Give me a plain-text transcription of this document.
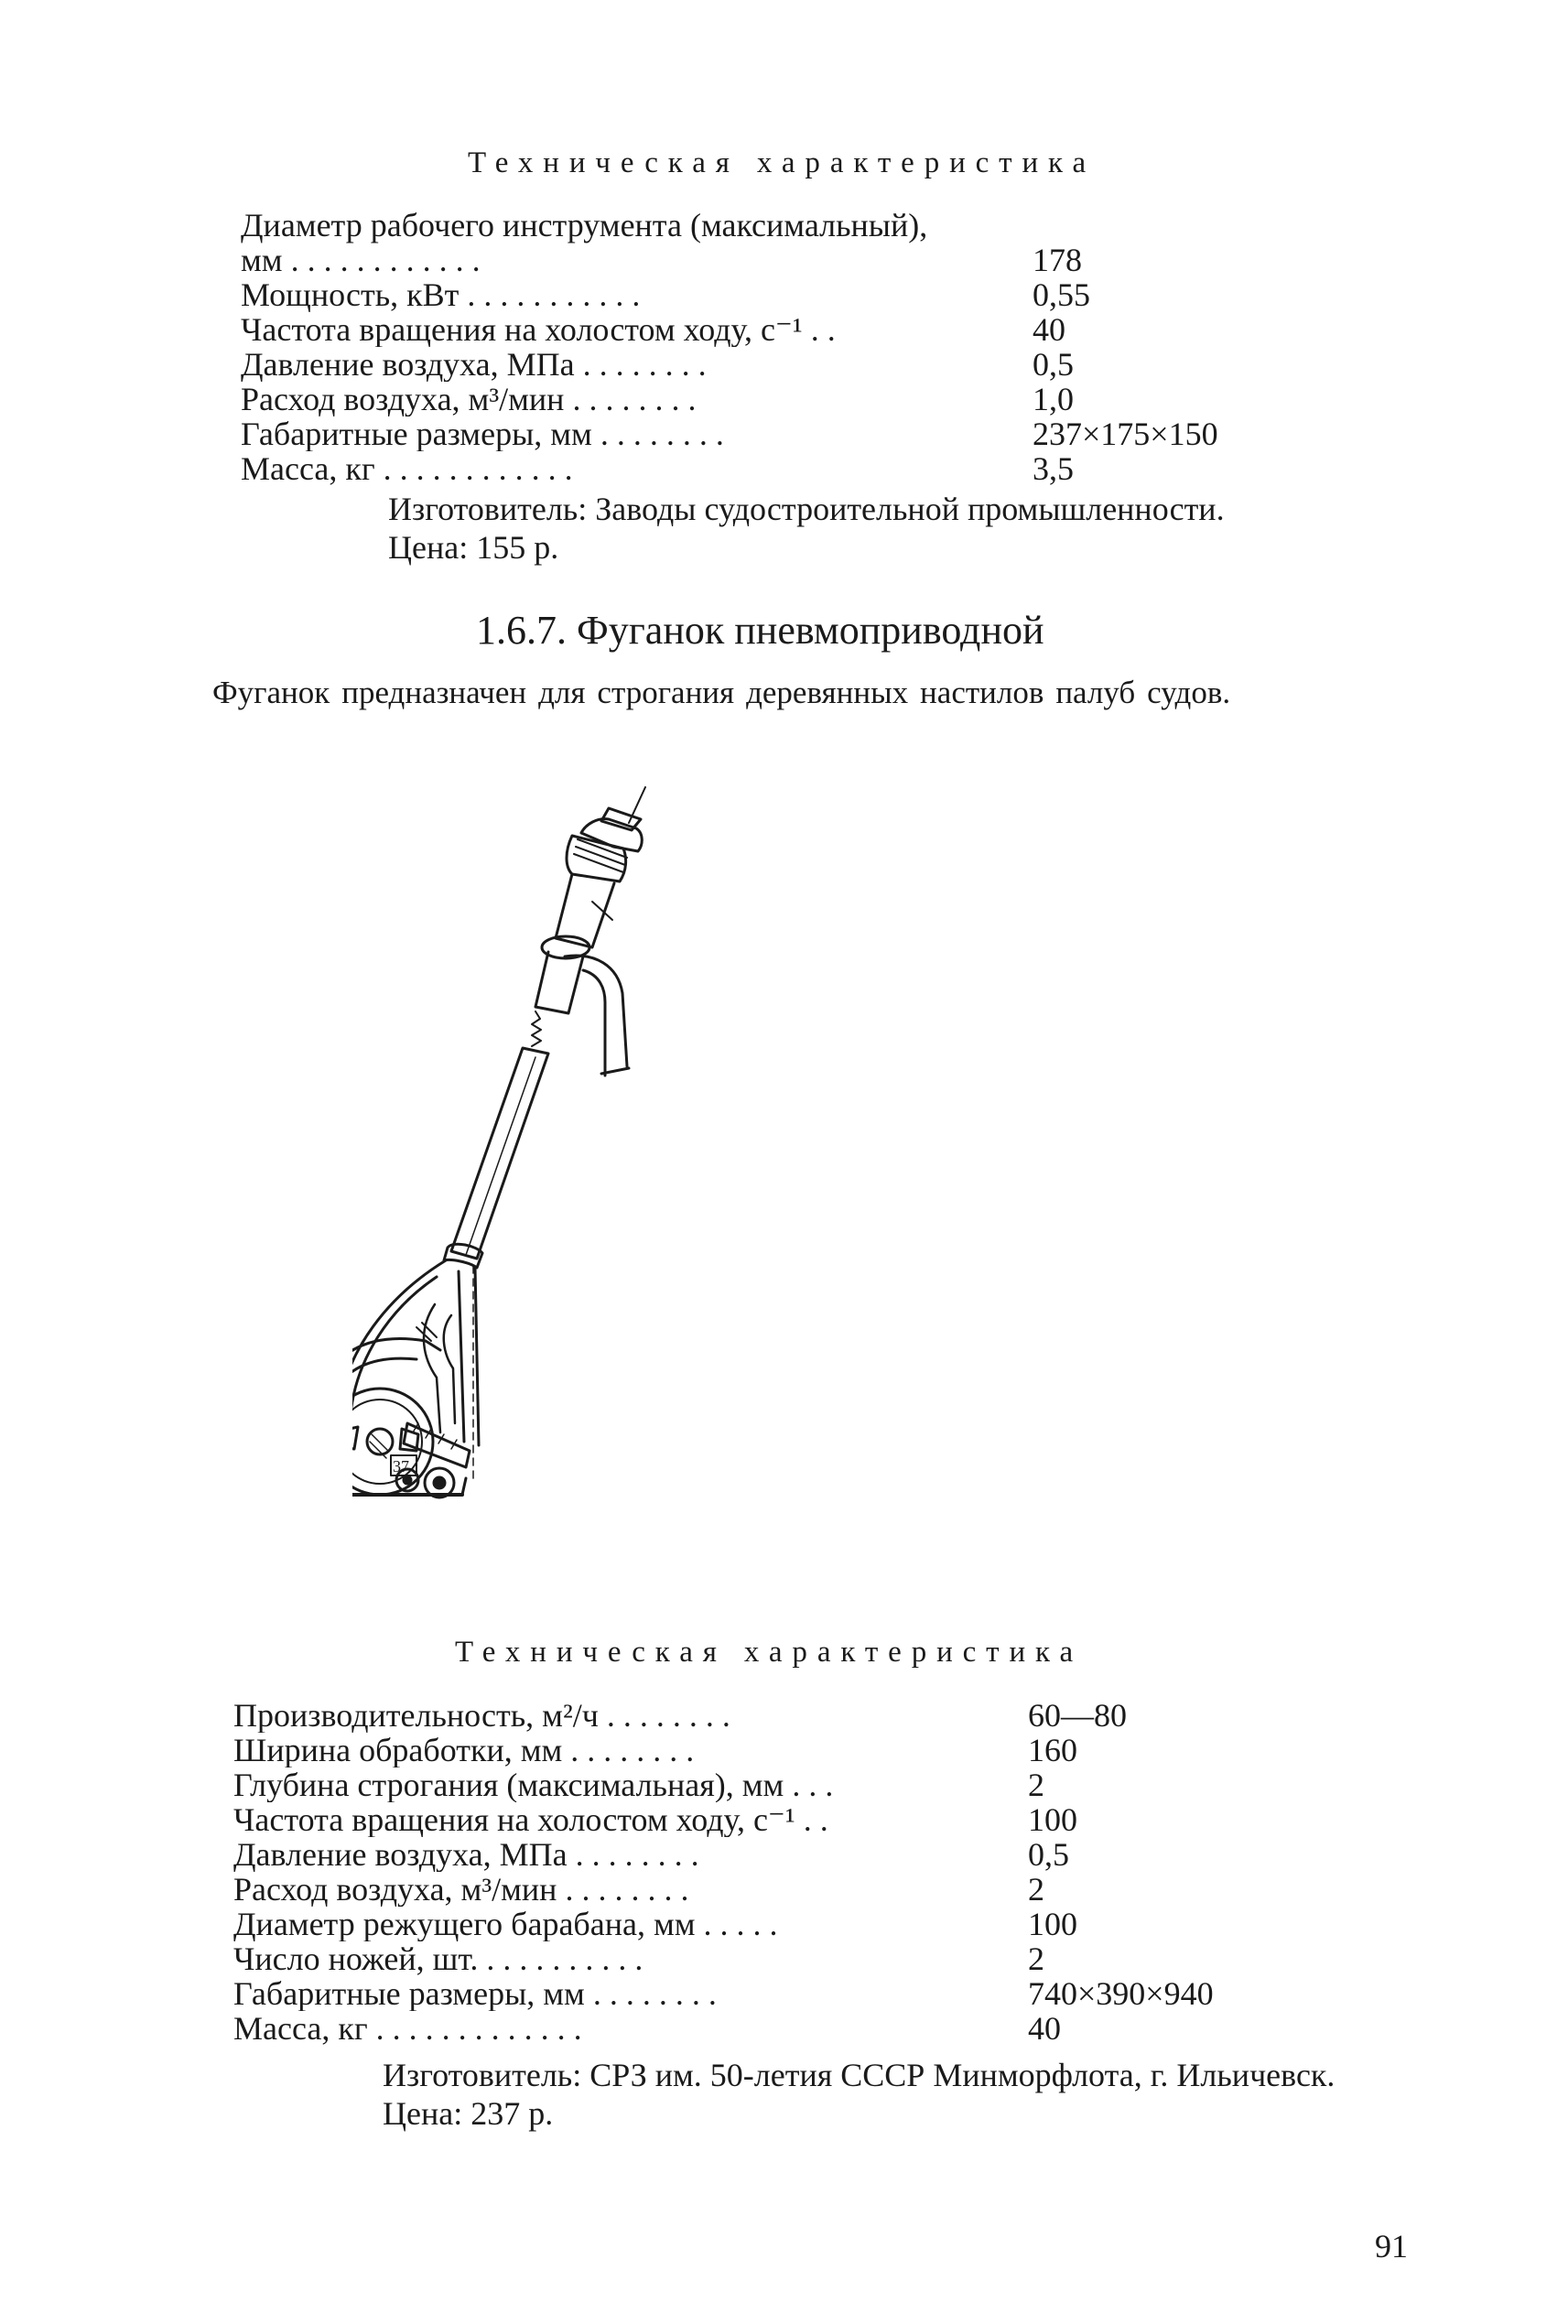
Техническая характеристика
Диаметр рабочего инструмента (максимальный),
мм . . . . . . . . . . . .	178
Мощность, кВт . . . . . . . . . . .	0,55
Частота вращения на холостом ходу, с⁻¹ . .	40
Давление воздуха, МПа . . . . . . . .	0,5
Расход воздуха, м³/мин . . . . . . . .	1,0
Габаритные размеры, мм . . . . . . . .	237×175×150
Масса, кг . . . . . . . . . . . .	3,5
Изготовитель: Заводы судостроительной промышленности.
Цена: 155 р.
1.6.7. Фуганок пневмоприводной
Фуганок предназначен для строгания деревянных настилов палуб судов.
37
Техническая характеристика
Производительность, м²/ч . . . . . . . .	60—80
Ширина обработки, мм . . . . . . . .	160
Глубина строгания (максимальная), мм . . .	2
Частота вращения на холостом ходу, с⁻¹ . .	100
Давление воздуха, МПа . . . . . . . .	0,5
Расход воздуха, м³/мин . . . . . . . .	2
Диаметр режущего барабана, мм . . . . .	100
Число ножей, шт. . . . . . . . . . .	2
Габаритные размеры, мм . . . . . . . .	740×390×940
Масса, кг . . . . . . . . . . . . .	40
Изготовитель: СРЗ им. 50-летия СССР Минморфлота, г. Ильичевск.
Цена: 237 р.
91
